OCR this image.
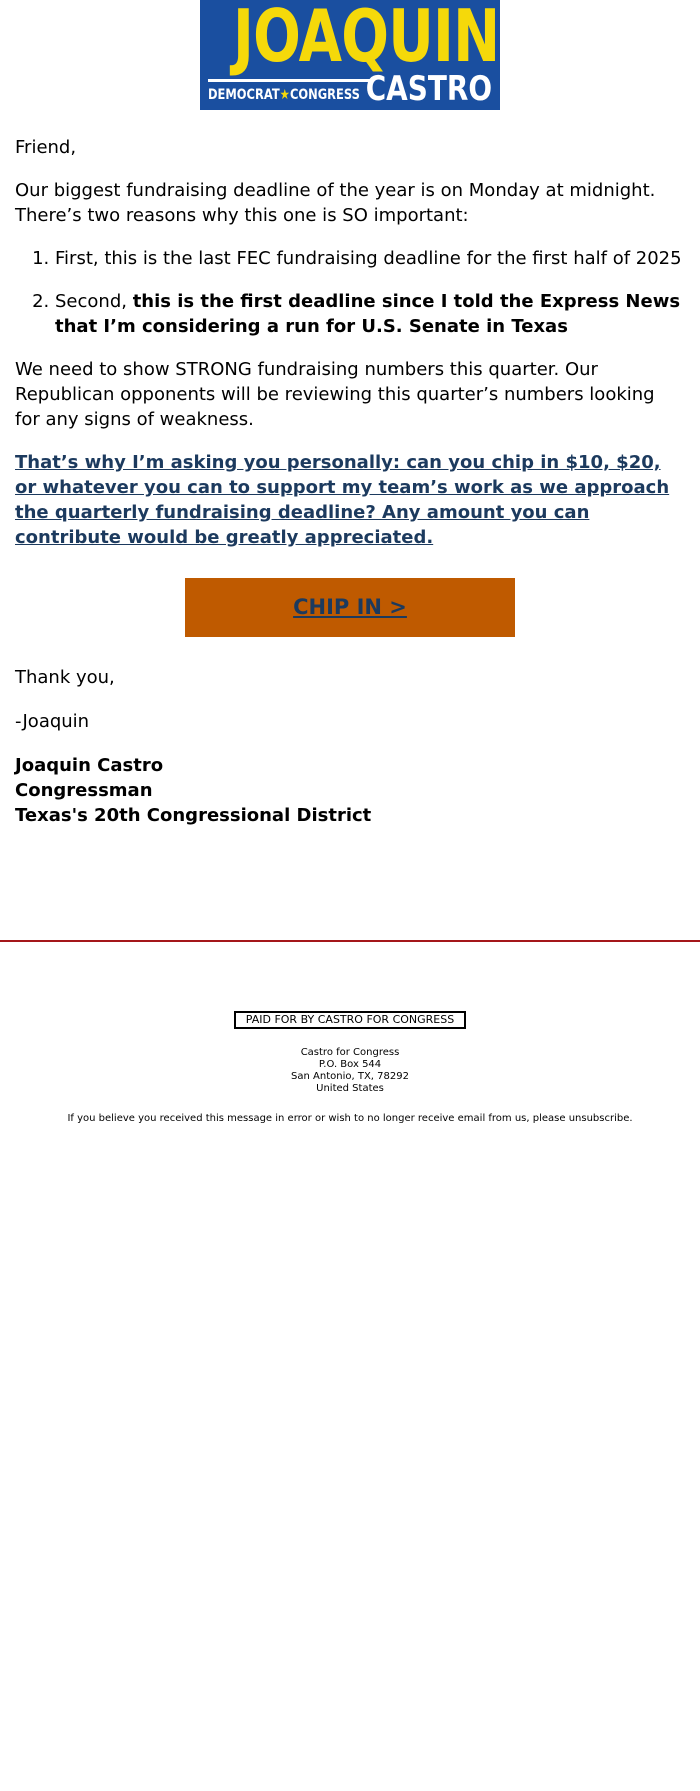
JOAQUIN
DEMOCRAT★CONGRESS CASTRO

Friend,

Our biggest fundraising deadline of the year is on Monday at midnight. There’s two reasons why this one is SO important:

1. First, this is the last FEC fundraising deadline for the first half of 2025
2. Second, this is the first deadline since I told the Express News that I’m considering a run for U.S. Senate in Texas

We need to show STRONG fundraising numbers this quarter. Our Republican opponents will be reviewing this quarter’s numbers looking for any signs of weakness.

That’s why I’m asking you personally: can you chip in $10, $20, or whatever you can to support my team’s work as we approach the quarterly fundraising deadline? Any amount you can contribute would be greatly appreciated.
CHIP IN >

Thank you,

-Joaquin

Joaquin Castro
Congressman
Texas's 20th Congressional District
PAID FOR BY CASTRO FOR CONGRESS
Castro for Congress
P.O. Box 544
San Antonio, TX, 78292
United States
If you believe you received this message in error or wish to no longer receive email from us, please unsubscribe.
